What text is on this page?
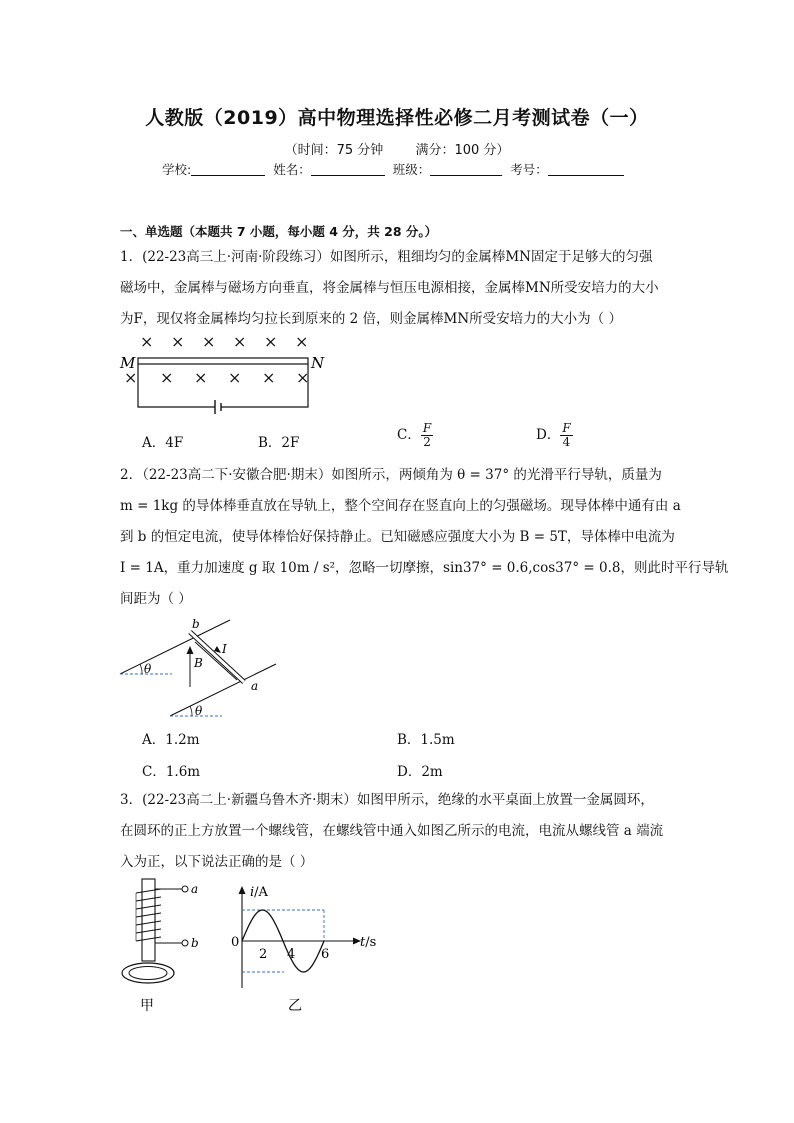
人教版（2019）高中物理选择性必修二月考测试卷（一）
（时间：75 分钟 满分：100 分）
学校:	姓名：	班级：	考号：
一、单选题（本题共 7 小题，每小题 4 分，共 28 分。）

1．(22-23高三上·河南·阶段练习）如图所示，粗细均匀的金属棒MN固定于足够大的匀强

磁场中，金属棒与磁场方向垂直，将金属棒与恒压电源相接，金属棒MN所受安培力的大小

为F，现仅将金属棒均匀拉长到原来的 2 倍，则金属棒MN所受安培力的大小为（ ）

× × × × × ×
× × × × × ×
M	N
A．4F	B．2F	C． $\frac{F}{2}$	D． $\frac{F}{4}$

2．（22-23高二下·安徽合肥·期末）如图所示，两倾角为 θ = 37° 的光滑平行导轨，质量为

m = 1kg 的导体棒垂直放在导轨上，整个空间存在竖直向上的匀强磁场。现导体棒中通有由 a

到 b 的恒定电流，使导体棒恰好保持静止。已知磁感应强度大小为 B = 5T，导体棒中电流为

I = 1A，重力加速度 g 取 10m / s²，忽略一切摩擦，sin37° = 0.6,cos37° = 0.8，则此时平行导轨

间距为（ ）

θ
θ
b
a
I
B
A．1.2m	B．1.5m
C．1.6m	D．2m

3．(22-23高二上·新疆乌鲁木齐·期末）如图甲所示，绝缘的水平桌面上放置一金属圆环，

在圆环的正上方放置一个螺线管，在螺线管中通入如图乙所示的电流，电流从螺线管 a 端流

入为正，以下说法正确的是（ ）

a
b
甲
i/A
t/s
0
2 4 6
乙
